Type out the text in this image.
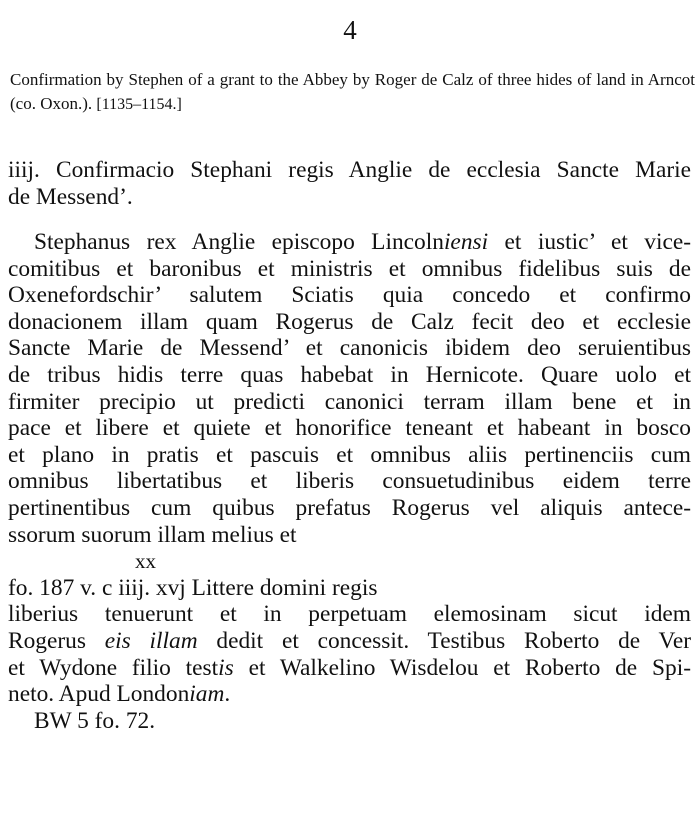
4
Confirmation by Stephen of a grant to the Abbey by Roger de Calz of three hides of land in Arncot (co. Oxon.). [1135–1154.]
iiij. Confirmacio Stephani regis Anglie de ecclesia Sancte Marie
de Messend’.
Stephanus rex Anglie episcopo Lincolniensi et iustic’ et vice-
comitibus et baronibus et ministris et omnibus fidelibus suis de
Oxenefordschir’ salutem Sciatis quia concedo et confirmo
donacionem illam quam Rogerus de Calz fecit deo et ecclesie
Sancte Marie de Messend’ et canonicis ibidem deo seruientibus
de tribus hidis terre quas habebat in Hernicote. Quare uolo et
firmiter precipio ut predicti canonici terram illam bene et in
pace et libere et quiete et honorifice teneant et habeant in bosco
et plano in pratis et pascuis et omnibus aliis pertinenciis cum
omnibus libertatibus et liberis consuetudinibus eidem terre
pertinentibus cum quibus prefatus Rogerus vel aliquis antece-
ssorum suorum illam melius et
xx
fo. 187 v. c iiij. xvj Littere domini regis
liberius tenuerunt et in perpetuam elemosinam sicut idem
Rogerus eis illam dedit et concessit. Testibus Roberto de Ver
et Wydone filio testis et Walkelino Wisdelou et Roberto de Spi-
neto. Apud Londoniam.
BW 5 fo. 72.
